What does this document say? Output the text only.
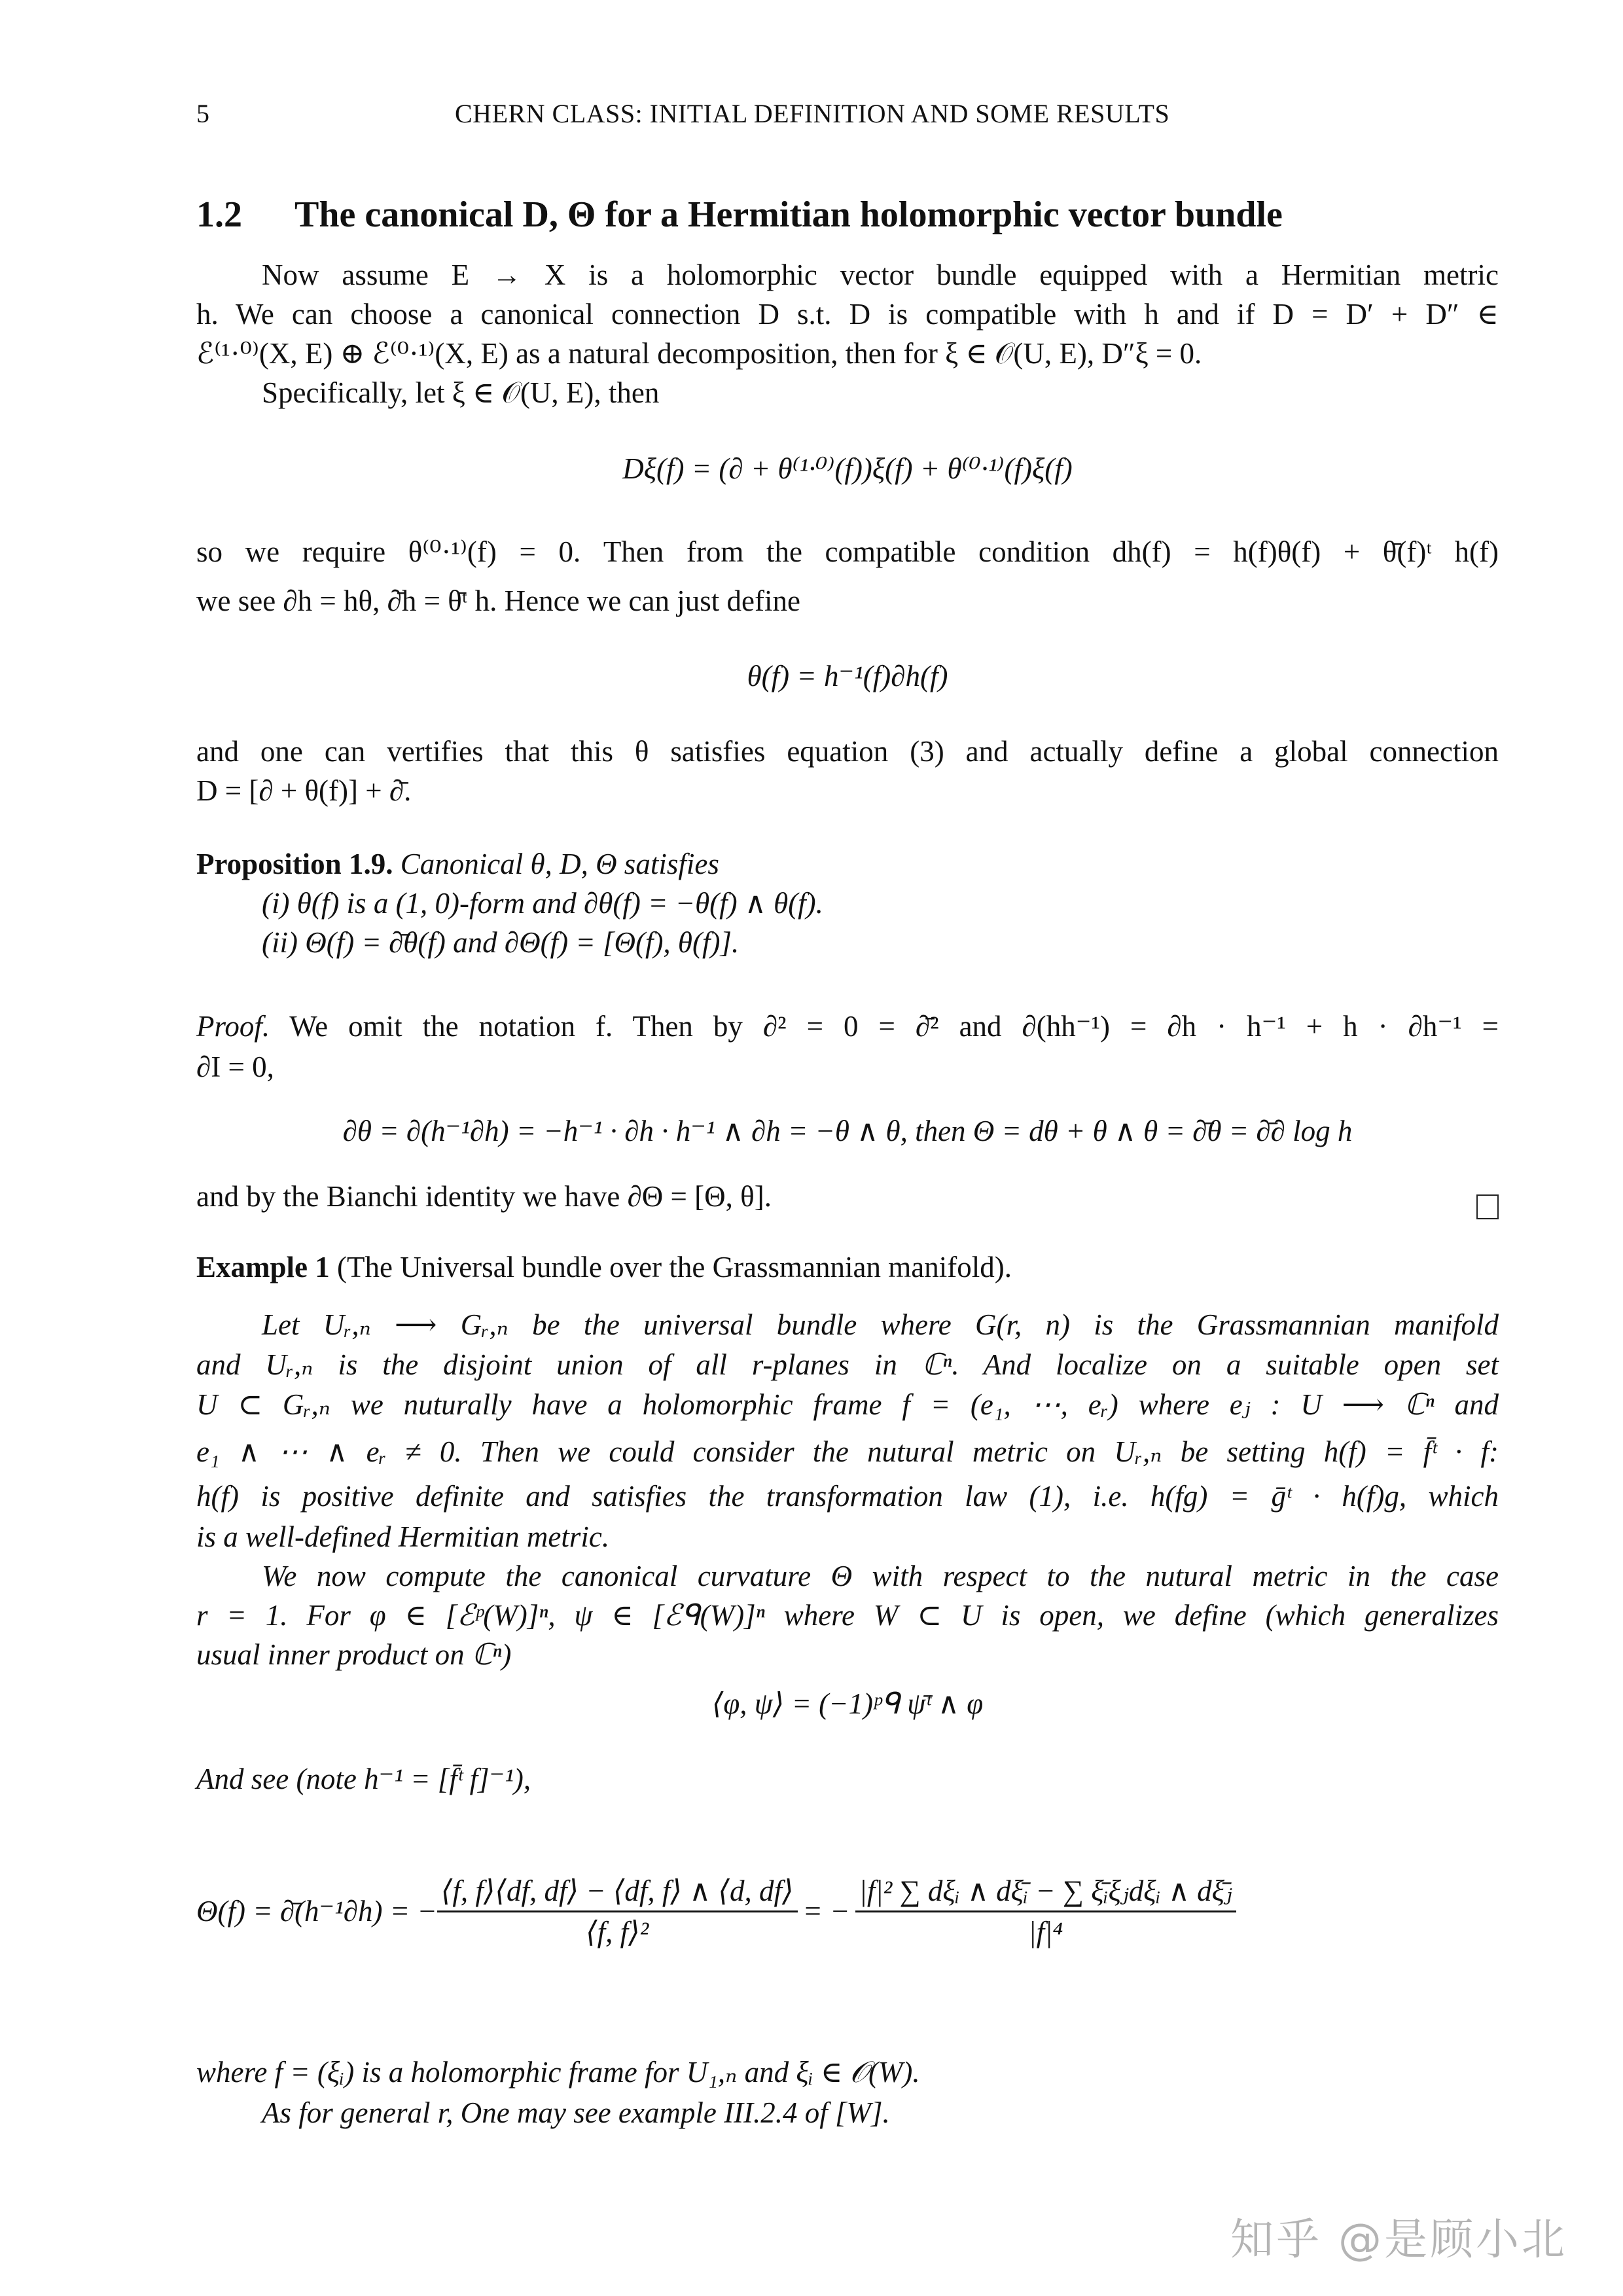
5	CHERN CLASS: INITIAL DEFINITION AND SOME RESULTS
1.2 The canonical D, Θ for a Hermitian holomorphic vector bundle
Now assume E → X is a holomorphic vector bundle equipped with a Hermitian metric
h. We can choose a canonical connection D s.t. D is compatible with h and if D = D′ + D″ ∈
ℰ⁽¹·⁰⁾(X, E) ⊕ ℰ⁽⁰·¹⁾(X, E) as a natural decomposition, then for ξ ∈ 𝒪(U, E), D″ξ = 0.
Specifically, let ξ ∈ 𝒪(U, E), then
Dξ(f) = (∂ + θ⁽¹·⁰⁾(f))ξ(f) + θ⁽⁰·¹⁾(f)ξ(f)
so we require θ⁽⁰·¹⁾(f) = 0. Then from the compatible condition dh(f) = h(f)θ(f) + θ̄(f)ᵗ h(f)
we see ∂h = hθ, ∂̄h = θ̄ᵗ h. Hence we can just define
θ(f) = h⁻¹(f)∂h(f)
and one can vertifies that this θ satisfies equation (3) and actually define a global connection
D = [∂ + θ(f)] + ∂̄.
Proposition 1.9. Canonical θ, D, Θ satisfies
(i) θ(f) is a (1, 0)-form and ∂θ(f) = −θ(f) ∧ θ(f).
(ii) Θ(f) = ∂̄θ(f) and ∂Θ(f) = [Θ(f), θ(f)].
Proof. We omit the notation f. Then by ∂² = 0 = ∂̄² and ∂(hh⁻¹) = ∂h · h⁻¹ + h · ∂h⁻¹ =
∂I = 0,
∂θ = ∂(h⁻¹∂h) = −h⁻¹ · ∂h · h⁻¹ ∧ ∂h = −θ ∧ θ, then Θ = dθ + θ ∧ θ = ∂̄θ = ∂̄∂ log h
and by the Bianchi identity we have ∂Θ = [Θ, θ].
Example 1 (The Universal bundle over the Grassmannian manifold).
Let Uᵣ,ₙ ⟶ Gᵣ,ₙ be the universal bundle where G(r, n) is the Grassmannian manifold
and Uᵣ,ₙ is the disjoint union of all r-planes in ℂⁿ. And localize on a suitable open set
U ⊂ Gᵣ,ₙ we nuturally have a holomorphic frame f = (e₁, ⋯, eᵣ) where eⱼ : U ⟶ ℂⁿ and
e₁ ∧ ⋯ ∧ eᵣ ≠ 0. Then we could consider the nutural metric on Uᵣ,ₙ be setting h(f) = f̄ᵗ · f:
h(f) is positive definite and satisfies the transformation law (1), i.e. h(fg) = ḡᵗ · h(f)g, which
is a well-defined Hermitian metric.
We now compute the canonical curvature Θ with respect to the nutural metric in the case
r = 1. For φ ∈ [ℰᵖ(W)]ⁿ, ψ ∈ [ℰᑫ(W)]ⁿ where W ⊂ U is open, we define (which generalizes
usual inner product on ℂⁿ)
⟨φ, ψ⟩ = (−1)ᵖᑫ ψ̄ᵗ ∧ φ
And see (note h⁻¹ = [f̄ᵗ f]⁻¹),
Θ(f) = ∂̄(h⁻¹∂h) = − $\frac{⟨f, f⟩⟨df, df⟩ - ⟨df, f⟩ \wedge ⟨d, df⟩}{\text{⟨f, f⟩²}}$ = − $\frac{\text{|f|² ∑ dξᵢ ∧ dξ̄ᵢ − ∑ ξ̄ᵢξⱼdξᵢ ∧ dξ̄ⱼ}}{\text{|f|⁴}}$
where f = (ξᵢ) is a holomorphic frame for U₁,ₙ and ξᵢ ∈ 𝒪(W).
As for general r, One may see example III.2.4 of [W].
知乎 @是顾小北
